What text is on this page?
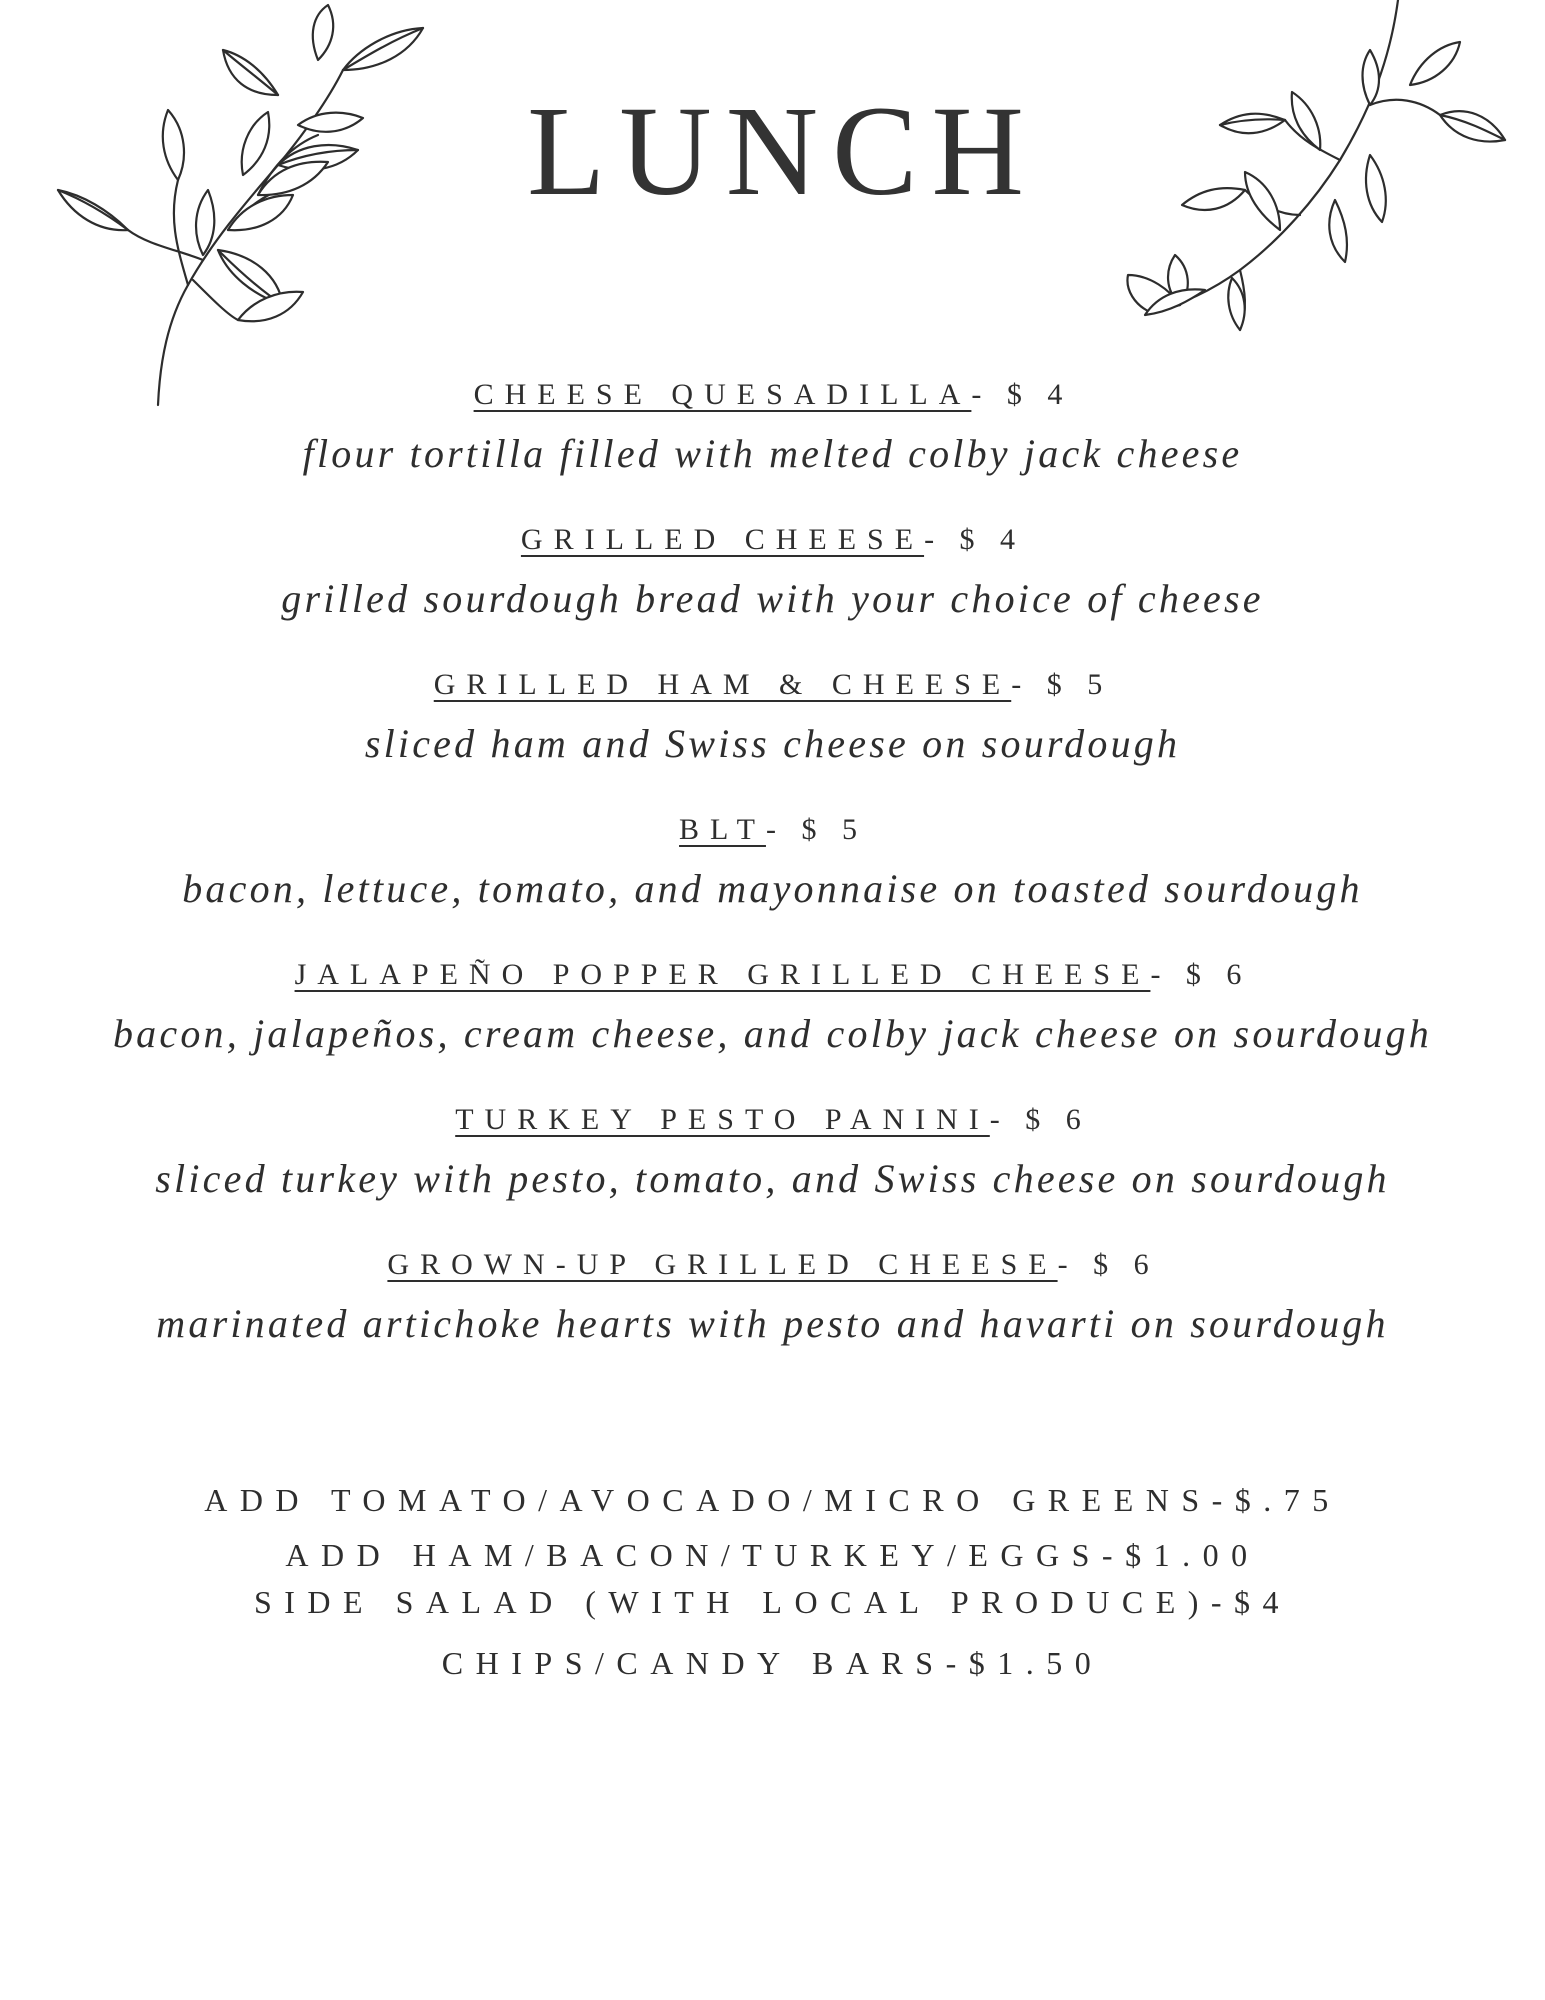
LUNCH
CHEESE QUESADILLA- $ 4
flour tortilla filled with melted colby jack cheese
GRILLED CHEESE- $ 4
grilled sourdough bread with your choice of cheese
GRILLED HAM & CHEESE- $ 5
sliced ham and Swiss cheese on sourdough
BLT- $ 5
bacon, lettuce, tomato, and mayonnaise on toasted sourdough
JALAPEÑO POPPER GRILLED CHEESE- $ 6
bacon, jalapeños, cream cheese, and colby jack cheese on sourdough
TURKEY PESTO PANINI- $ 6
sliced turkey with pesto, tomato, and Swiss cheese on sourdough
GROWN-UP GRILLED CHEESE- $ 6
marinated artichoke hearts with pesto and havarti on sourdough
ADD TOMATO/AVOCADO/MICRO GREENS-$.75
ADD HAM/BACON/TURKEY/EGGS-$1.00
SIDE SALAD (WITH LOCAL PRODUCE)-$4
CHIPS/CANDY BARS-$1.50
